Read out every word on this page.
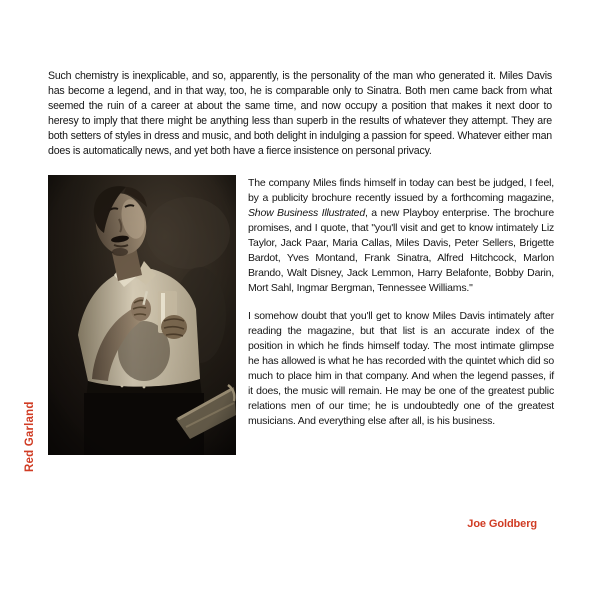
Such chemistry is inexplicable, and so, apparently, is the personality of the man who generated it. Miles Davis has become a legend, and in that way, too, he is comparable only to Sinatra. Both men came back from what seemed the ruin of a career at about the same time, and now occupy a position that makes it next door to heresy to imply that there might be anything less than superb in the results of whatever they attempt. They are both setters of styles in dress and music, and both delight in indulging a passion for speed. Whatever either man does is automatically news, and yet both have a fierce insistence on personal privacy.

Red Garland

The company Miles finds himself in today can best be judged, I feel, by a publicity brochure recently issued by a forthcoming magazine, Show Business Illustrated, a new Playboy enterprise. The brochure promises, and I quote, that "you'll visit and get to know intimately Liz Taylor, Jack Paar, Maria Callas, Miles Davis, Peter Sellers, Brigette Bardot, Yves Montand, Frank Sinatra, Alfred Hitchcock, Marlon Brando, Walt Disney, Jack Lemmon, Harry Belafonte, Bobby Darin, Mort Sahl, Ingmar Bergman, Tennessee Williams."

I somehow doubt that you'll get to know Miles Davis intimately after reading the magazine, but that list is an accurate index of the position in which he finds himself today. The most intimate glimpse he has allowed is what he has recorded with the quintet which did so much to place him in that company. And when the legend passes, if it does, the music will remain. He may be one of the greatest public relations men of our time; he is undoubtedly one of the greatest musicians. And everything else after all, is his business.

Joe Goldberg
